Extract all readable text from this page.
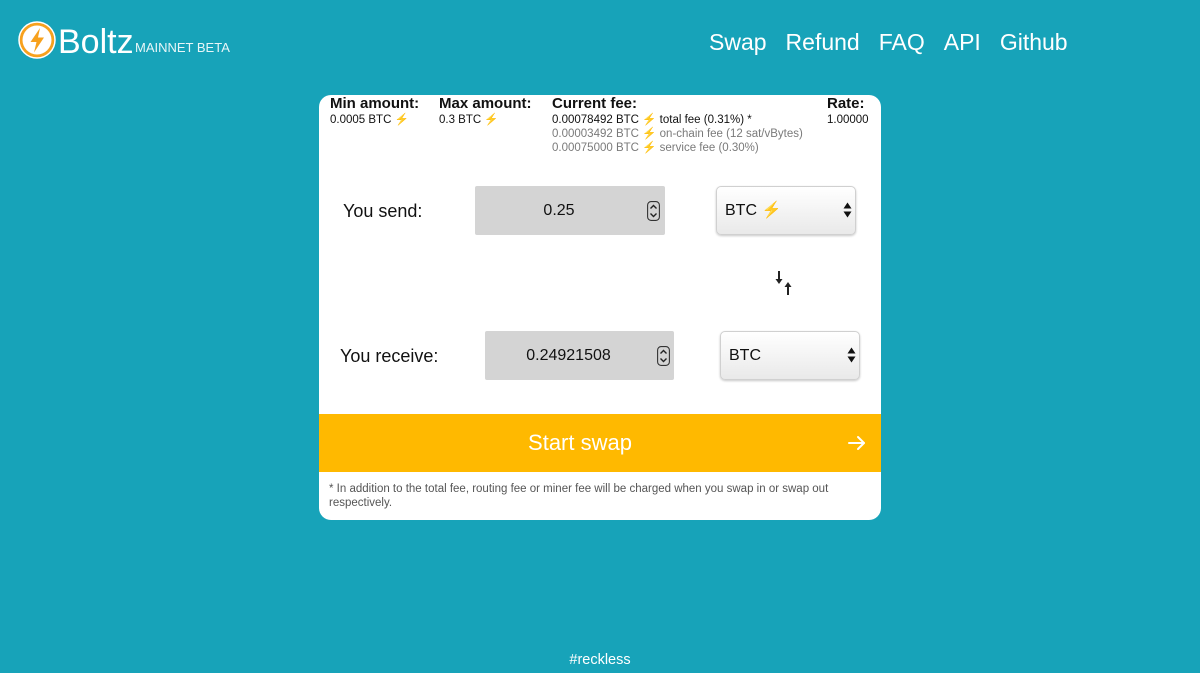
Boltz MAINNET BETA	Swap Refund FAQ API Github
Min amount:
0.0005 BTC ⚡
Max amount:
0.3 BTC ⚡
Current fee:
0.00078492 BTC ⚡ total fee (0.31%) *
0.00003492 BTC ⚡ on-chain fee (12 sat/vBytes)
0.00075000 BTC ⚡ service fee (0.30%)
Rate:
1.00000
You send:
0.25	BTC ⚡
You receive:
0.24921508	BTC
Start swap

* In addition to the total fee, routing fee or miner fee will be charged when you swap in or swap out respectively.

#reckless
